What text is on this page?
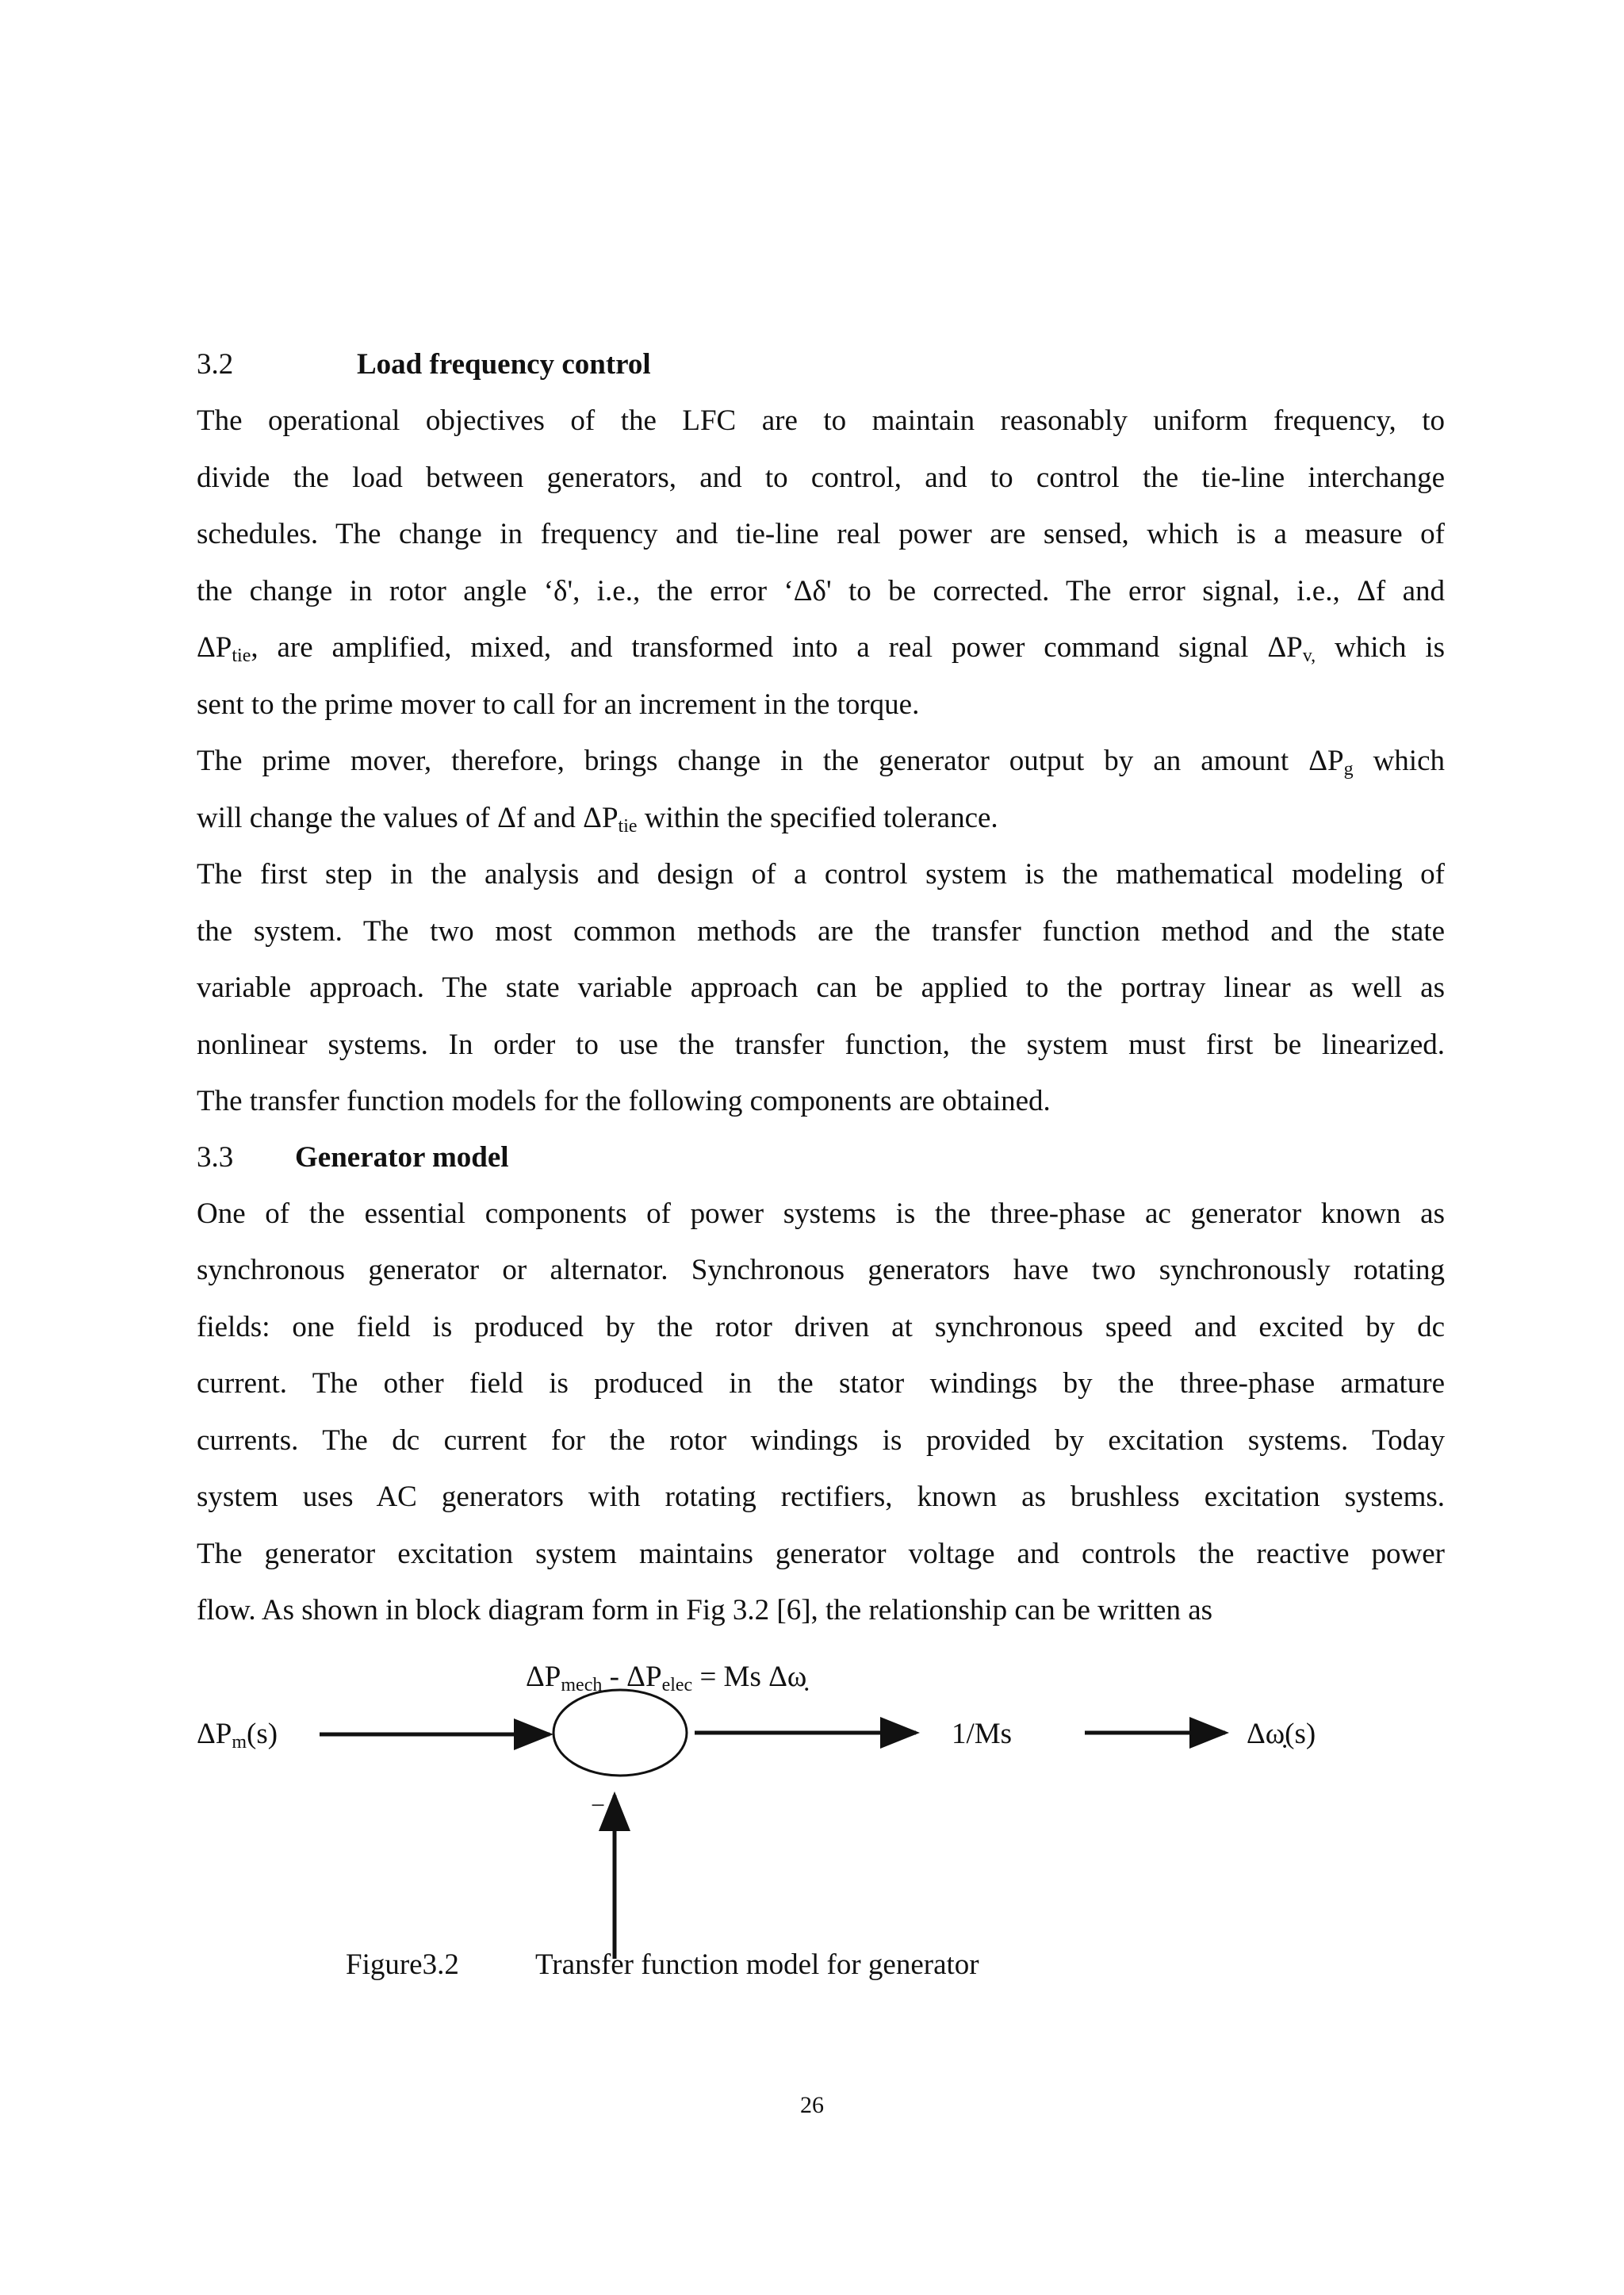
3.2	Load frequency control

The operational objectives of the LFC are to maintain reasonably uniform frequency, to
divide the load between generators, and to control, and to control the tie-line interchange
schedules. The change in frequency and tie-line real power are sensed, which is a measure of
the change in rotor angle ‘δ', i.e., the error ‘Δδ' to be corrected. The error signal, i.e., Δf and
$\Delta P_{tie}$, are amplified, mixed, and transformed into a real power command signal $\Delta P_{v,}$ which is
sent to the prime mover to call for an increment in the torque.

The prime mover, therefore, brings change in the generator output by an amount $\Delta P_g$ which
will change the values of Δf and $\Delta P_{tie}$ within the specified tolerance.

The first step in the analysis and design of a control system is the mathematical modeling of
the system. The two most common methods are the transfer function method and the state
variable approach. The state variable approach can be applied to the portray linear as well as
nonlinear systems. In order to use the transfer function, the system must first be linearized.
The transfer function models for the following components are obtained.

3.3 Generator model

One of the essential components of power systems is the three-phase ac generator known as
synchronous generator or alternator. Synchronous generators have two synchronously rotating
fields: one field is produced by the rotor driven at synchronous speed and excited by dc
current. The other field is produced in the stator windings by the three-phase armature
currents. The dc current for the rotor windings is provided by excitation systems. Today
system uses AC generators with rotating rectifiers, known as brushless excitation systems.
The generator excitation system maintains generator voltage and controls the reactive power
flow. As shown in block diagram form in Fig 3.2 [6], the relationship can be written as

$\Delta P_{mech} - \Delta P_{elec} = Ms$ Δω̣
$\Delta P_m(s)$	1/Ms	Δω̣(s)
−
Figure3.2	Transfer function model for generator
26
